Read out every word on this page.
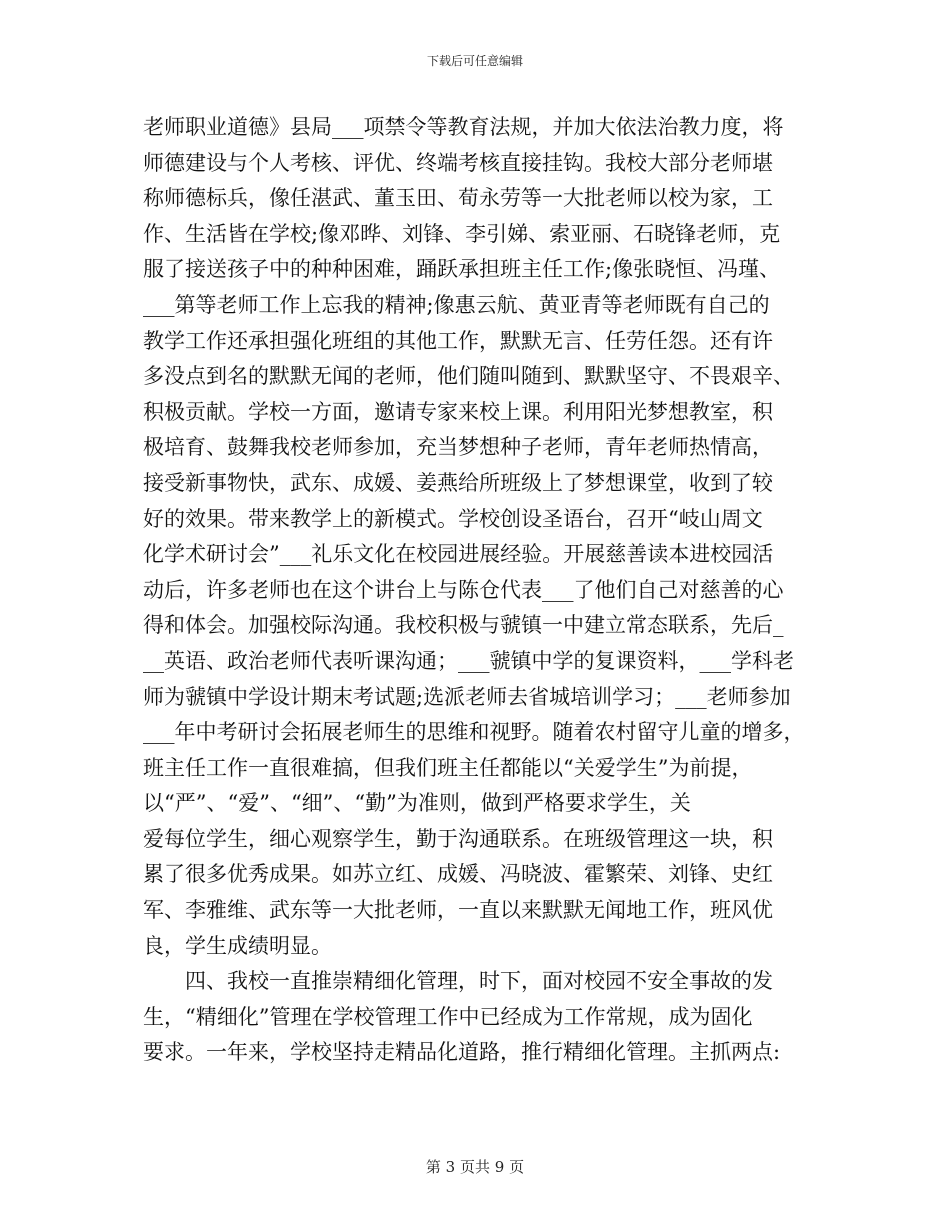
下载后可任意编辑
老师职业道德》县局___项禁令等教育法规，并加大依法治教力度，将
师德建设与个人考核、评优、终端考核直接挂钩。我校大部分老师堪
称师德标兵，像任湛武、董玉田、荀永劳等一大批老师以校为家，工
作、生活皆在学校;像邓晔、刘锋、李引娣、索亚丽、石晓锋老师，克
服了接送孩子中的种种困难，踊跃承担班主任工作;像张晓恒、冯瑾、
___第等老师工作上忘我的精神;像惠云航、黄亚青等老师既有自己的
教学工作还承担强化班组的其他工作，默默无言、任劳任怨。还有许
多没点到名的默默无闻的老师，他们随叫随到、默默坚守、不畏艰辛、
积极贡献。学校一方面，邀请专家来校上课。利用阳光梦想教室，积
极培育、鼓舞我校老师参加，充当梦想种子老师，青年老师热情高，
接受新事物快，武东、成媛、姜燕给所班级上了梦想课堂，收到了较
好的效果。带来教学上的新模式。学校创设圣语台，召开“岐山周文
化学术研讨会”___礼乐文化在校园进展经验。开展慈善读本进校园活
动后，许多老师也在这个讲台上与陈仓代表___了他们自己对慈善的心
得和体会。加强校际沟通。我校积极与虢镇一中建立常态联系，先后_
__英语、政治老师代表听课沟通；___虢镇中学的复课资料，___学科老
师为虢镇中学设计期末考试题;选派老师去省城培训学习；___老师参加
___年中考研讨会拓展老师生的思维和视野。随着农村留守儿童的增多，
班主任工作一直很难搞，但我们班主任都能以“关爱学生”为前提，
以“严”、“爱”、“细”、“勤”为准则，做到严格要求学生，关
爱每位学生，细心观察学生，勤于沟通联系。在班级管理这一块，积
累了很多优秀成果。如苏立红、成媛、冯晓波、霍繁荣、刘锋、史红
军、李雅维、武东等一大批老师，一直以来默默无闻地工作，班风优
良，学生成绩明显。
　　四、我校一直推崇精细化管理，时下，面对校园不安全事故的发
生，“精细化”管理在学校管理工作中已经成为工作常规，成为固化
要求。一年来，学校坚持走精品化道路，推行精细化管理。主抓两点:
第 3 页共 9 页
